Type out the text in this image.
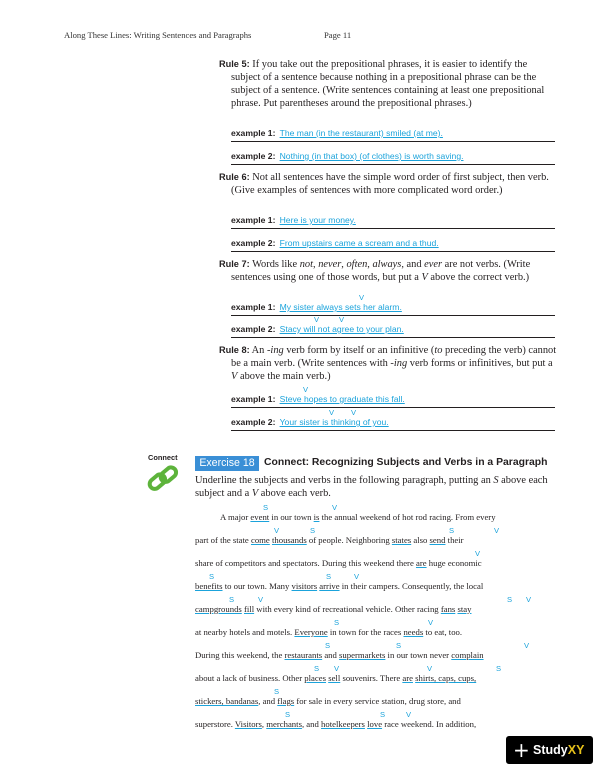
Along These Lines: Writing Sentences and Paragraphs	Page 11
Rule 5: If you take out the prepositional phrases, it is easier to identify the subject of a sentence because nothing in a prepositional phrase can be the subject of a sentence. (Write sentences containing at least one prepositional phrase. Put parentheses around the prepositional phrases.)
example 1: The man (in the restaurant) smiled (at me).
example 2: Nothing (in that box) (of clothes) is worth saving.
Rule 6: Not all sentences have the simple word order of first subject, then verb. (Give examples of sentences with more complicated word order.)
example 1: Here is your money.
example 2: From upstairs came a scream and a thud.
Rule 7: Words like not, never, often, always, and ever are not verbs. (Write sentences using one of those words, but put a V above the correct verb.)
V
example 1: My sister always sets her alarm.
V	V
example 2: Stacy will not agree to your plan.
Rule 8: An -ing verb form by itself or an infinitive (to preceding the verb) cannot be a main verb. (Write sentences with -ing verb forms or infinitives, but put a V above the main verb.)
V
example 1: Steve hopes to graduate this fall.
V V
example 2: Your sister is thinking of you.
Connect	Exercise 18 Connect: Recognizing Subjects and Verbs in a Paragraph
Underline the subjects and verbs in the following paragraph, putting an S above each subject and a V above each verb.
S	V
V	S	S	V
V
S	S	V
S	V	S V
S	V
S	S	V
S V	V	S
S
S	S	V
A major event in our town is the annual weekend of hot rod racing. From every
part of the state come thousands of people. Neighboring states also send their
share of competitors and spectators. During this weekend there are huge economic
benefits to our town. Many visitors arrive in their campers. Consequently, the local
campgrounds fill with every kind of recreational vehicle. Other racing fans stay
at nearby hotels and motels. Everyone in town for the races needs to eat, too.
During this weekend, the restaurants and supermarkets in our town never complain
about a lack of business. Other places sell souvenirs. There are shirts, caps, cups,
stickers, bandanas, and flags for sale in every service station, drug store, and
superstore. Visitors, merchants, and hotelkeepers love race weekend. In addition,
+ StudyXY
